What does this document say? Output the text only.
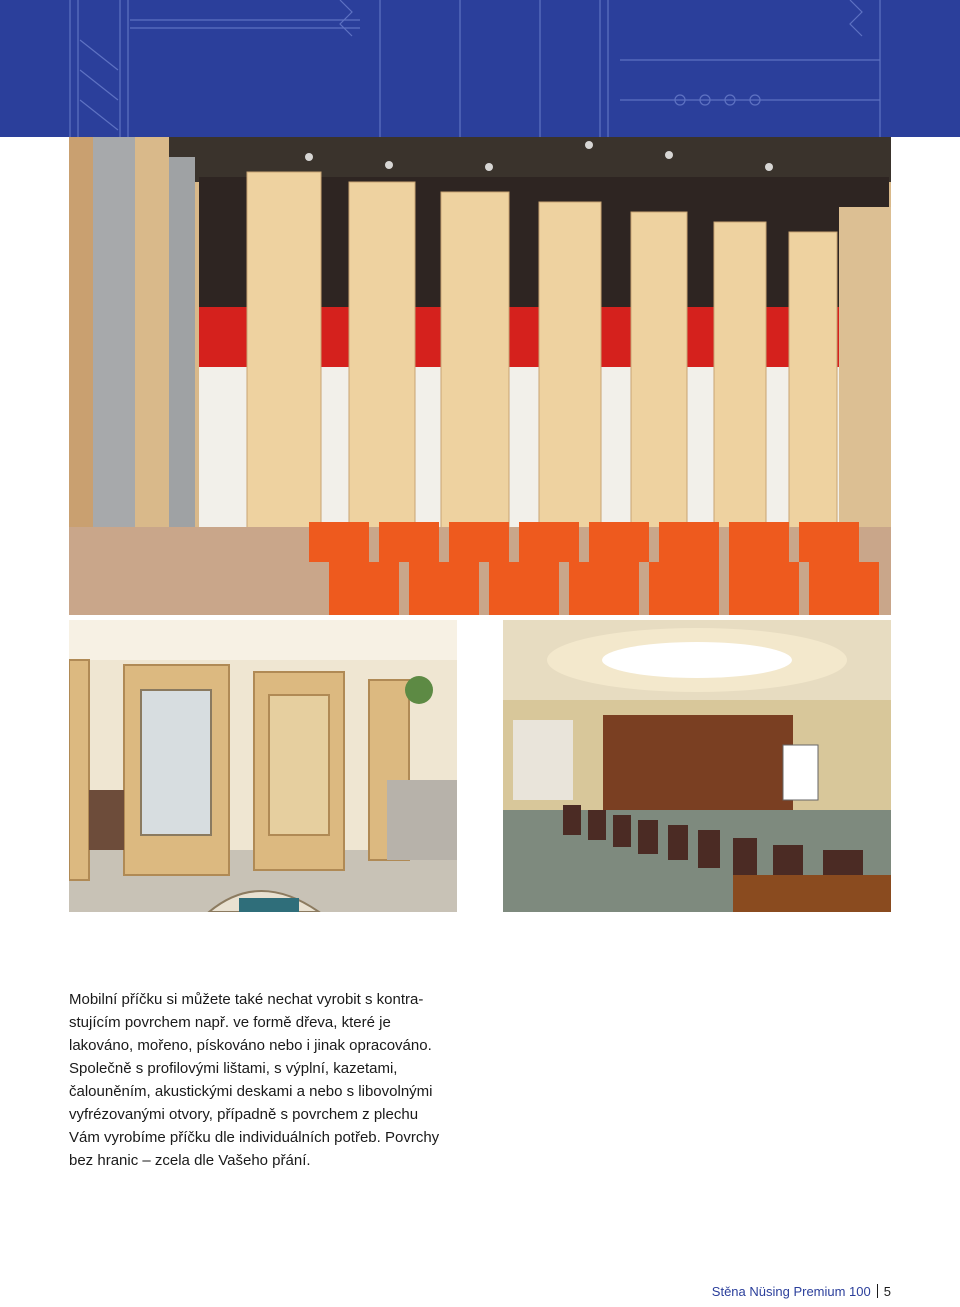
Mobilní příčku si můžete také nechat vyrobit s kontra-
stujícím povrchem např. ve formě dřeva, které je
lakováno, mořeno, pískováno nebo i jinak opracováno.
Společně s profilovými lištami, s výplní, kazetami,
čalouněním, akustickými deskami a nebo s libovolnými
vyfrézovanými otvory, případně s povrchem z plechu
Vám vyrobíme příčku dle individuálních potřeb. Povrchy
bez hranic – zcela dle Vašeho přání.

Stěna Nüsing Premium 100 5
